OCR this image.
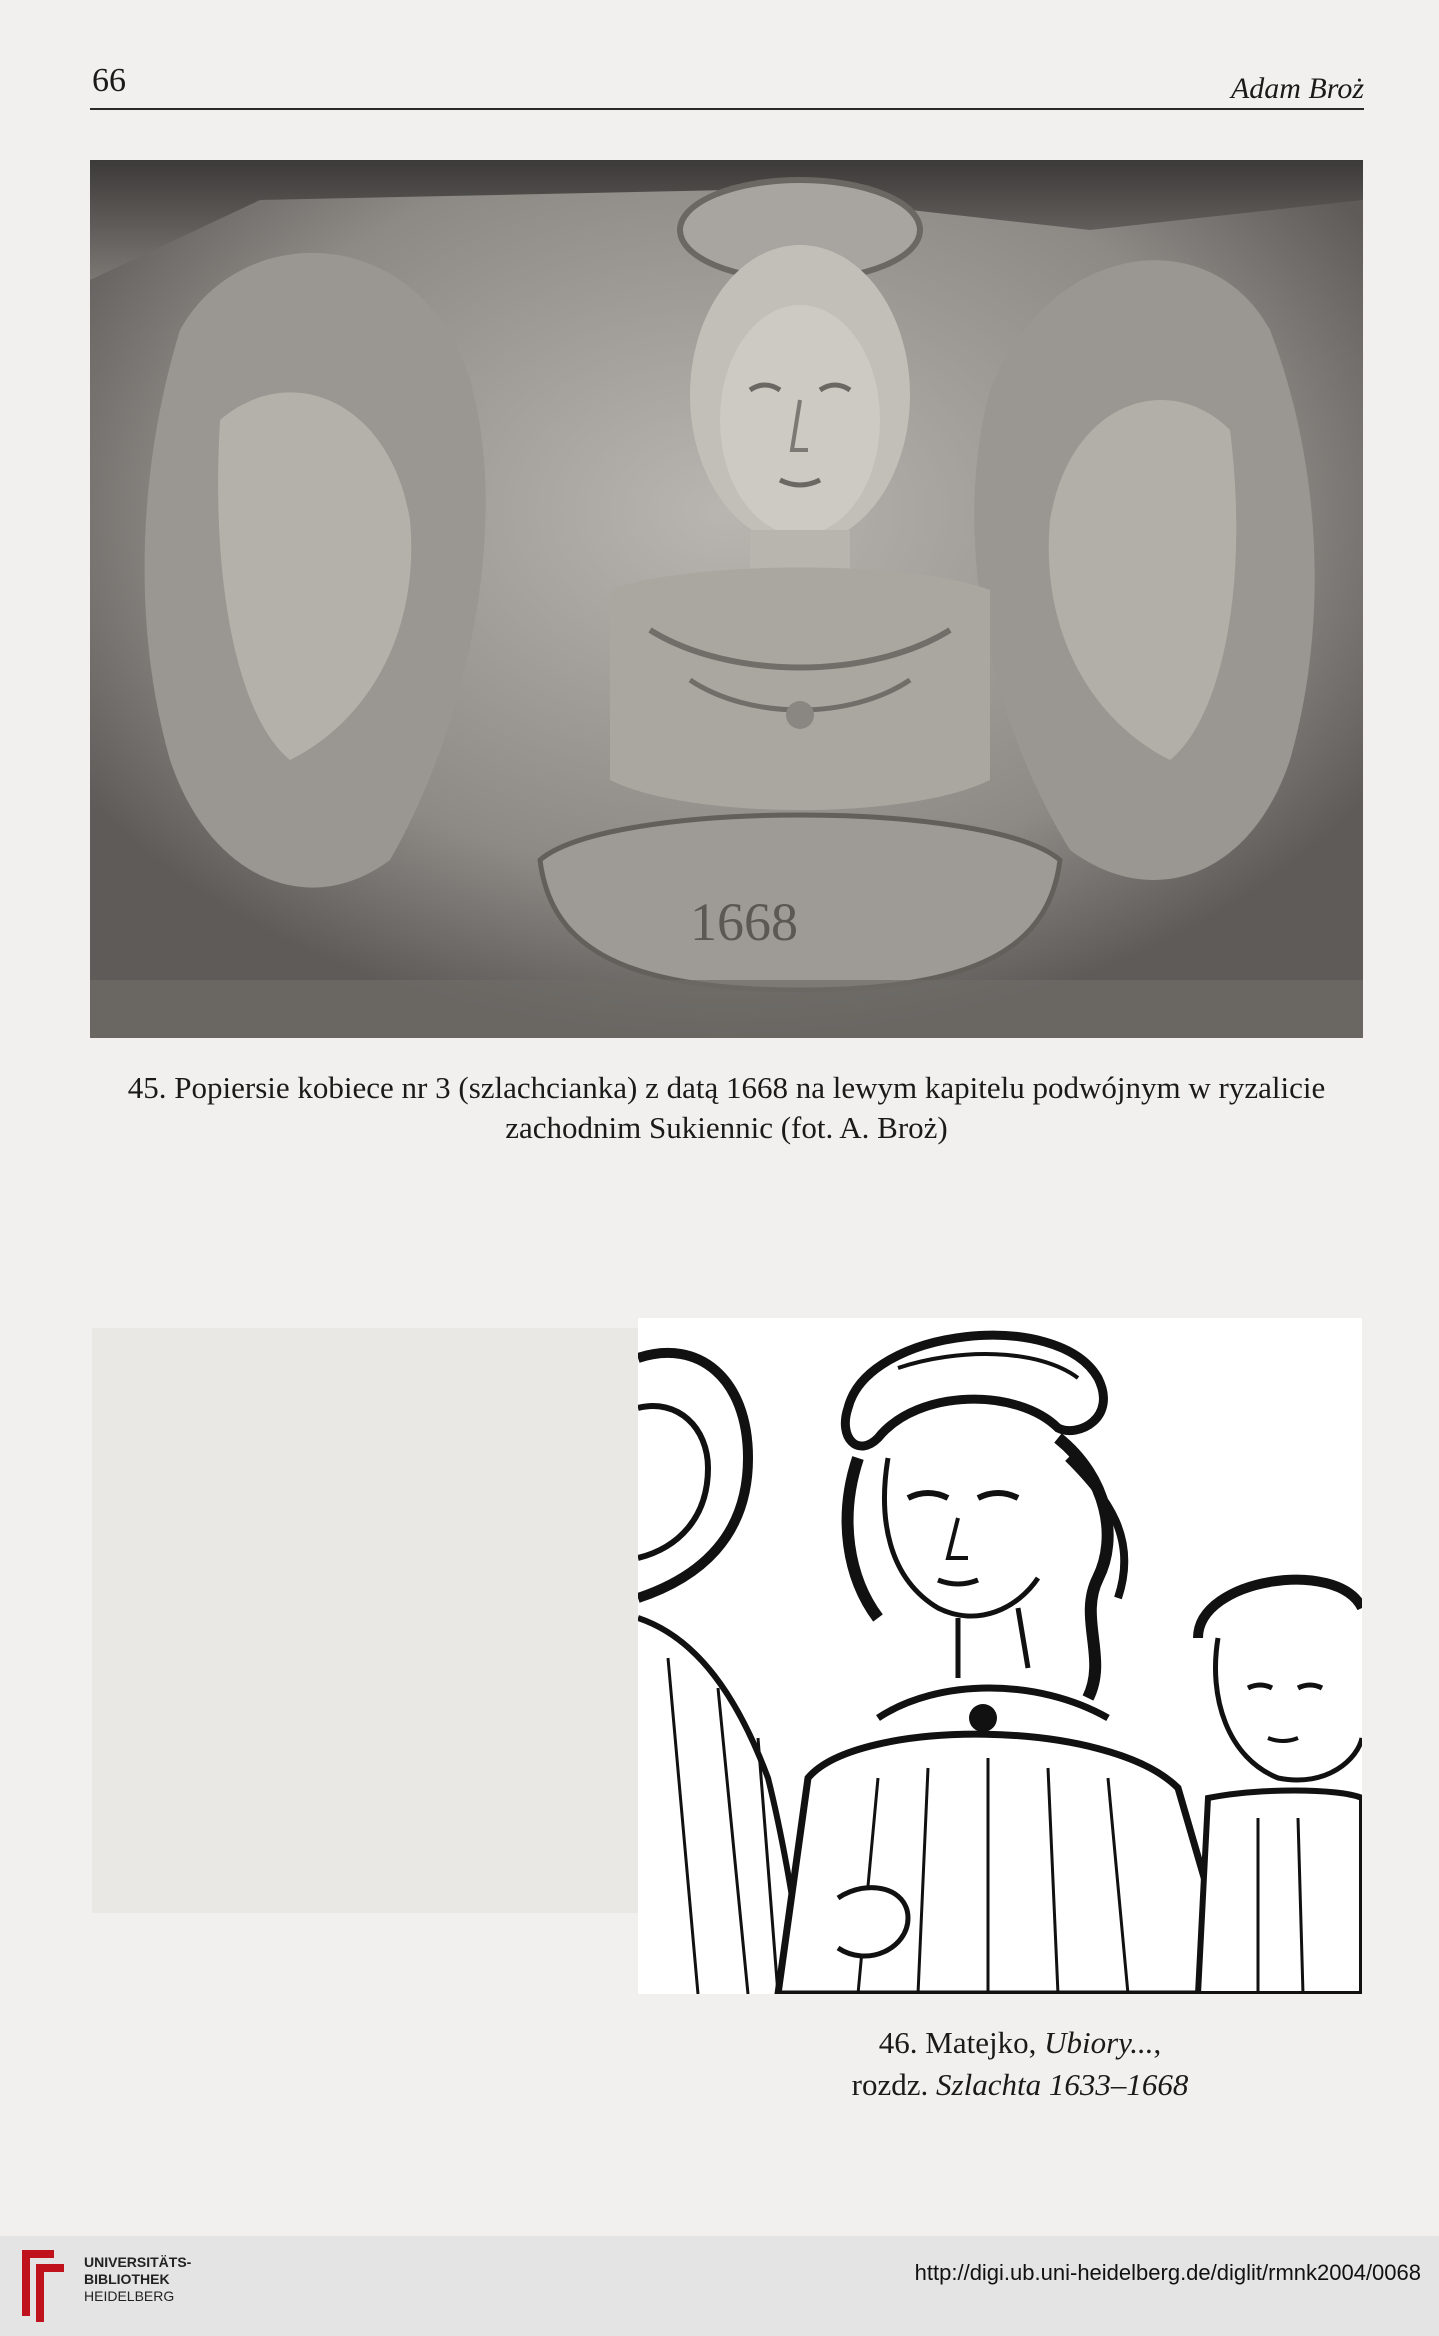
66	Adam Broż
1668
45. Popiersie kobiece nr 3 (szlachcianka) z datą 1668 na lewym kapitelu podwójnym w ryzalicie
zachodnim Sukiennic (fot. A. Broż)
46. Matejko, Ubiory...,
rozdz. Szlachta 1633–1668
UNIVERSITÄTS-
BIBLIOTHEK
HEIDELBERG
http://digi.ub.uni-heidelberg.de/diglit/rmnk2004/0068
